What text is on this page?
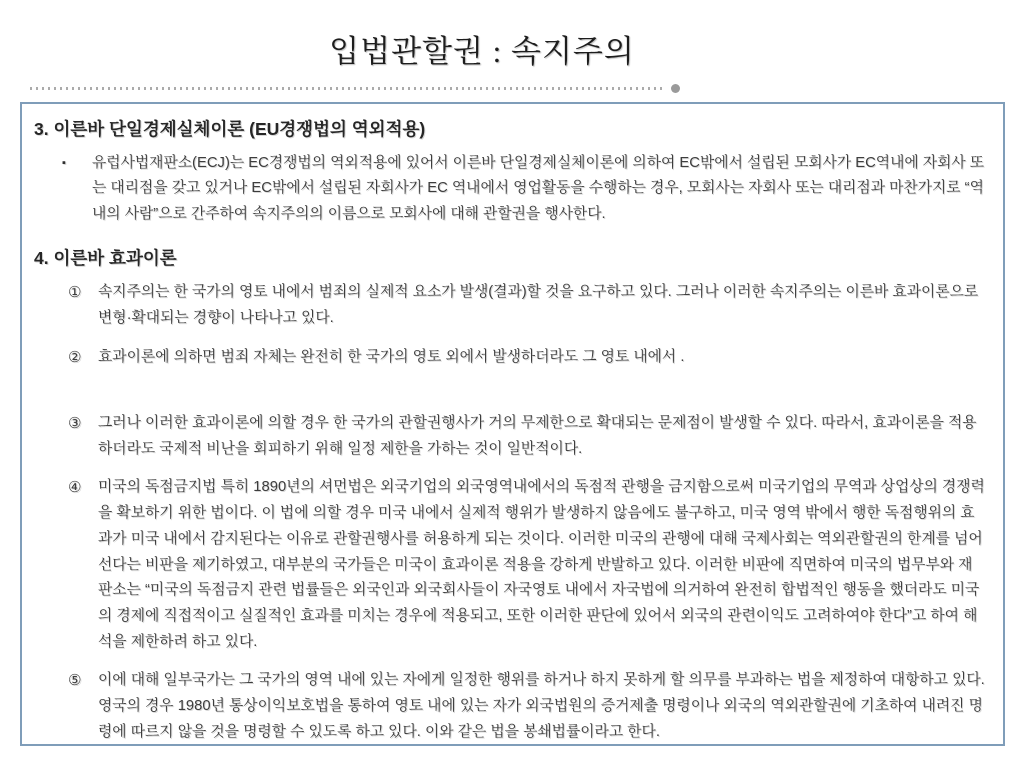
입법관할권 : 속지주의
3. 이른바 단일경제실체이론 (EU경쟁법의 역외적용)
▪	유럽사법재판소(ECJ)는 EC경쟁법의 역외적용에 있어서 이른바 단일경제실체이론에 의하여 EC밖에서 설립된 모회사가 EC역내에 자회사 또는 대리점을 갖고 있거나 EC밖에서 설립된 자회사가 EC 역내에서 영업활동을 수행하는 경우, 모회사는 자회사 또는 대리점과 마찬가지로 “역내의 사람”으로 간주하여 속지주의의 이름으로 모회사에 대해 관할권을 행사한다.
4. 이른바 효과이론
①	속지주의는 한 국가의 영토 내에서 범죄의 실제적 요소가 발생(결과)할 것을 요구하고 있다. 그러나 이러한 속지주의는 이른바 효과이론으로 변형·확대되는 경향이 나타나고 있다.
②	효과이론에 의하면 범죄 자체는 완전히 한 국가의 영토 외에서 발생하더라도 그 영토 내에서 .
③	그러나 이러한 효과이론에 의할 경우 한 국가의 관할권행사가 거의 무제한으로 확대되는 문제점이 발생할 수 있다. 따라서, 효과이론을 적용하더라도 국제적 비난을 회피하기 위해 일정 제한을 가하는 것이 일반적이다.
④	미국의 독점금지법 특히 1890년의 셔먼법은 외국기업의 외국영역내에서의 독점적 관행을 금지함으로써 미국기업의 무역과 상업상의 경쟁력을 확보하기 위한 법이다. 이 법에 의할 경우 미국 내에서 실제적 행위가 발생하지 않음에도 불구하고, 미국 영역 밖에서 행한 독점행위의 효과가 미국 내에서 감지된다는 이유로 관할권행사를 허용하게 되는 것이다. 이러한 미국의 관행에 대해 국제사회는 역외관할권의 한계를 넘어선다는 비판을 제기하였고, 대부분의 국가들은 미국이 효과이론 적용을 강하게 반발하고 있다. 이러한 비판에 직면하여 미국의 법무부와 재판소는 “미국의 독점금지 관련 법률들은 외국인과 외국회사들이 자국영토 내에서 자국법에 의거하여 완전히 합법적인 행동을 했더라도 미국의 경제에 직접적이고 실질적인 효과를 미치는 경우에 적용되고, 또한 이러한 판단에 있어서 외국의 관련이익도 고려하여야 한다”고 하여 해석을 제한하려 하고 있다.
⑤	이에 대해 일부국가는 그 국가의 영역 내에 있는 자에게 일정한 행위를 하거나 하지 못하게 할 의무를 부과하는 법을 제정하여 대항하고 있다. 영국의 경우 1980년 통상이익보호법을 통하여 영토 내에 있는 자가 외국법원의 증거제출 명령이나 외국의 역외관할권에 기초하여 내려진 명령에 따르지 않을 것을 명령할 수 있도록 하고 있다. 이와 같은 법을 봉쇄법률이라고 한다.
